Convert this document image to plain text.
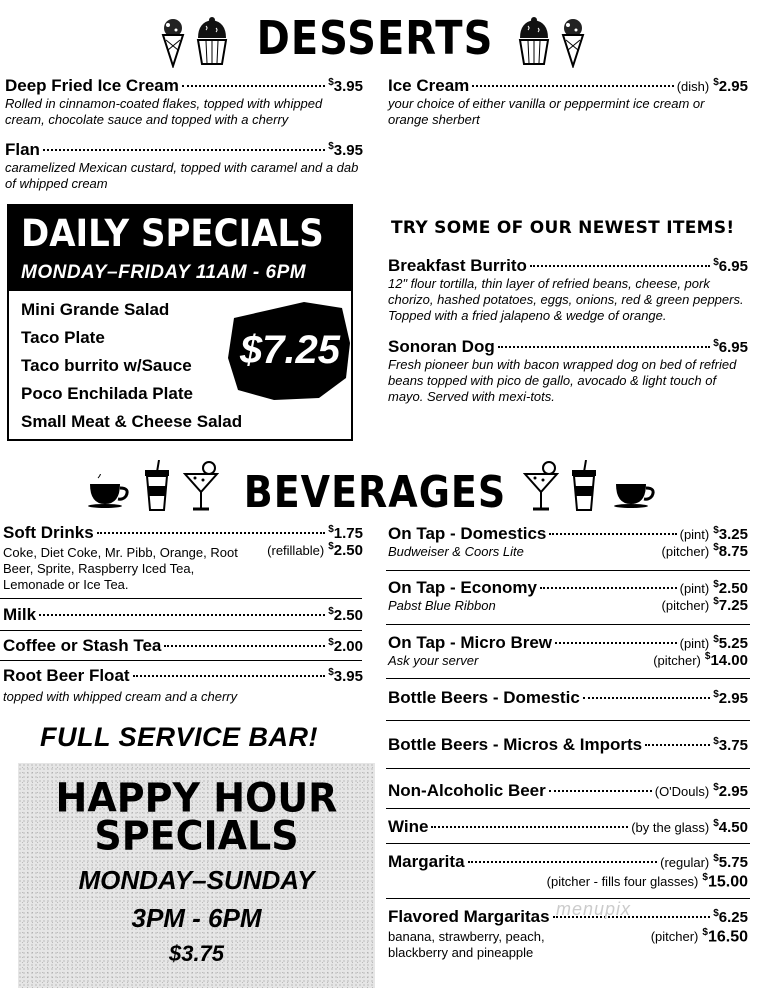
DESSERTS
Deep Fried Ice Cream	$3.95
Rolled in cinnamon-coated flakes, topped with whipped cream, chocolate sauce and topped with a cherry
Flan	$3.95
caramelized Mexican custard, topped with caramel and a dab of whipped cream
Ice Cream	(dish) $2.95
your choice of either vanilla or peppermint ice cream or orange sherbert
DAILY SPECIALS
MONDAY–FRIDAY 11AM - 6PM
Mini Grande Salad
Taco Plate
Taco burrito w/Sauce
Poco Enchilada Plate
Small Meat & Cheese Salad
$7.25
TRY SOME OF OUR NEWEST ITEMS!
Breakfast Burrito	$6.95
12" flour tortilla, thin layer of refried beans, cheese, pork chorizo, hashed potatoes, eggs, onions, red & green peppers. Topped with a fried jalapeno & wedge of orange.
Sonoran Dog	$6.95
Fresh pioneer bun with bacon wrapped dog on bed of refried beans topped with pico de gallo, avocado & light touch of mayo. Served with mexi-tots.
BEVERAGES
Soft Drinks	$1.75
Coke, Diet Coke, Mr. Pibb, Orange, Root Beer, Sprite, Raspberry Iced Tea, Lemonade or Ice Tea.
(refillable) $2.50
Milk	$2.50
Coffee or Stash Tea	$2.00
Root Beer Float	$3.95
topped with whipped cream and a cherry
FULL SERVICE BAR!
HAPPY HOUR
SPECIALS
MONDAY–SUNDAY
3PM - 6PM
$3.75
On Tap - Domestics	(pint) $3.25
Budweiser & Coors Lite	(pitcher) $8.75
On Tap - Economy	(pint) $2.50
Pabst Blue Ribbon	(pitcher) $7.25
On Tap - Micro Brew	(pint) $5.25
Ask your server	(pitcher) $14.00
Bottle Beers - Domestic	$2.95
Bottle Beers - Micros & Imports	$3.75
Non-Alcoholic Beer	(O'Douls) $2.95
Wine	(by the glass) $4.50
Margarita	(regular) $5.75
(pitcher - fills four glasses) $15.00
Flavored Margaritas	$6.25
banana, strawberry, peach, blackberry and pineapple
(pitcher) $16.50
menupix
